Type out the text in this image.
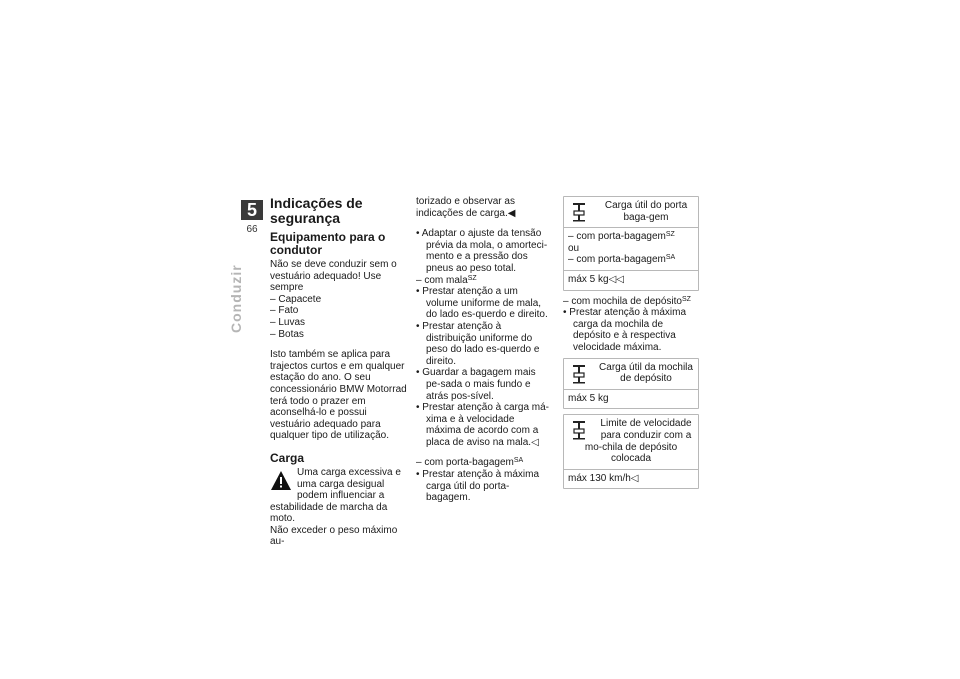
5
66
Conduzir
Indicações de segurança
Equipamento para o condutor

Não se deve conduzir sem o vestuário adequado! Use sempre

– Capacete

– Fato

– Luvas

– Botas

Isto também se aplica para trajectos curtos e em qualquer estação do ano. O seu concessionário BMW Motorrad terá todo o prazer em aconselhá-lo e possui vestuário adequado para qualquer tipo de utilização.

Carga

Uma carga excessiva e uma carga desigual podem influenciar a estabilidade de marcha da moto.

Não exceder o peso máximo au-

torizado e observar as indicações de carga.◀

• Adaptar o ajuste da tensão prévia da mola, o amorteci-mento e a pressão dos pneus ao peso total.

– com mala$^{SZ}$

• Prestar atenção a um volume uniforme de mala, do lado es-querdo e direito.

• Prestar atenção à distribuição uniforme do peso do lado es-querdo e direito.

• Guardar a bagagem mais pe-sada o mais fundo e atrás pos-sível.

• Prestar atenção à carga má-xima e à velocidade máxima de acordo com a placa de aviso na mala.◁

– com porta-bagagem$^{SA}$

• Prestar atenção à máxima carga útil do porta-bagagem.

Carga útil do porta baga-gem
– com porta-bagagem$^{SZ}$
ou
– com porta-bagagem$^{SA}$
máx 5 kg◁◁

– com mochila de depósito$^{SZ}$

• Prestar atenção à máxima carga da mochila de depósito e à respectiva velocidade máxima.

Carga útil da mochila de depósito
máx 5 kg
Limite de velocidade para conduzir com a mo-chila de depósito colocada
máx 130 km/h◁
